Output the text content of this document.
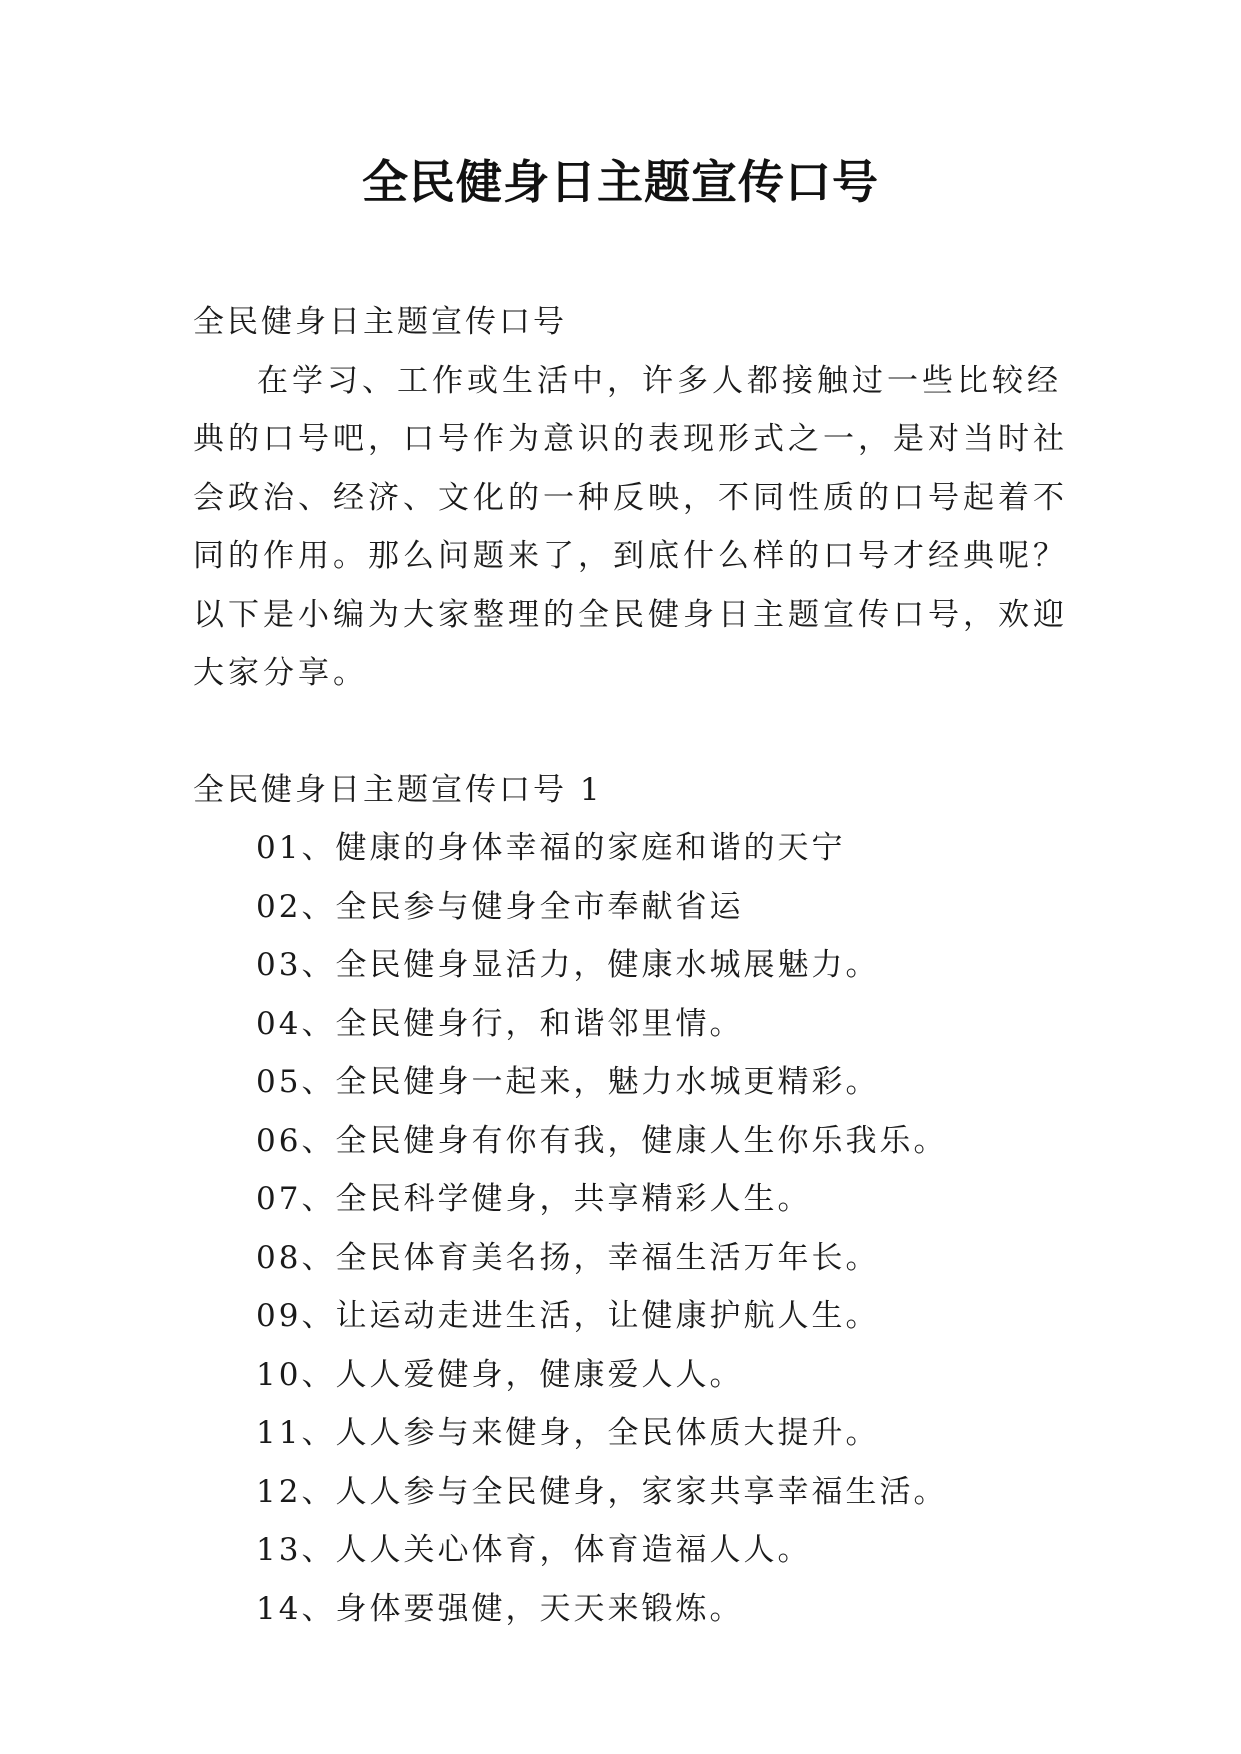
全民健身日主题宣传口号

全民健身日主题宣传口号

在学习、工作或生活中，许多人都接触过一些比较经典的口号吧，口号作为意识的表现形式之一，是对当时社会政治、经济、文化的一种反映，不同性质的口号起着不同的作用。那么问题来了，到底什么样的口号才经典呢？以下是小编为大家整理的全民健身日主题宣传口号，欢迎大家分享。

全民健身日主题宣传口号 1

01、健康的身体幸福的家庭和谐的天宁
02、全民参与健身全市奉献省运
03、全民健身显活力，健康水城展魅力。
04、全民健身行，和谐邻里情。
05、全民健身一起来，魅力水城更精彩。
06、全民健身有你有我，健康人生你乐我乐。
07、全民科学健身，共享精彩人生。
08、全民体育美名扬，幸福生活万年长。
09、让运动走进生活，让健康护航人生。
10、人人爱健身，健康爱人人。
11、人人参与来健身，全民体质大提升。
12、人人参与全民健身，家家共享幸福生活。
13、人人关心体育，体育造福人人。
14、身体要强健，天天来锻炼。
